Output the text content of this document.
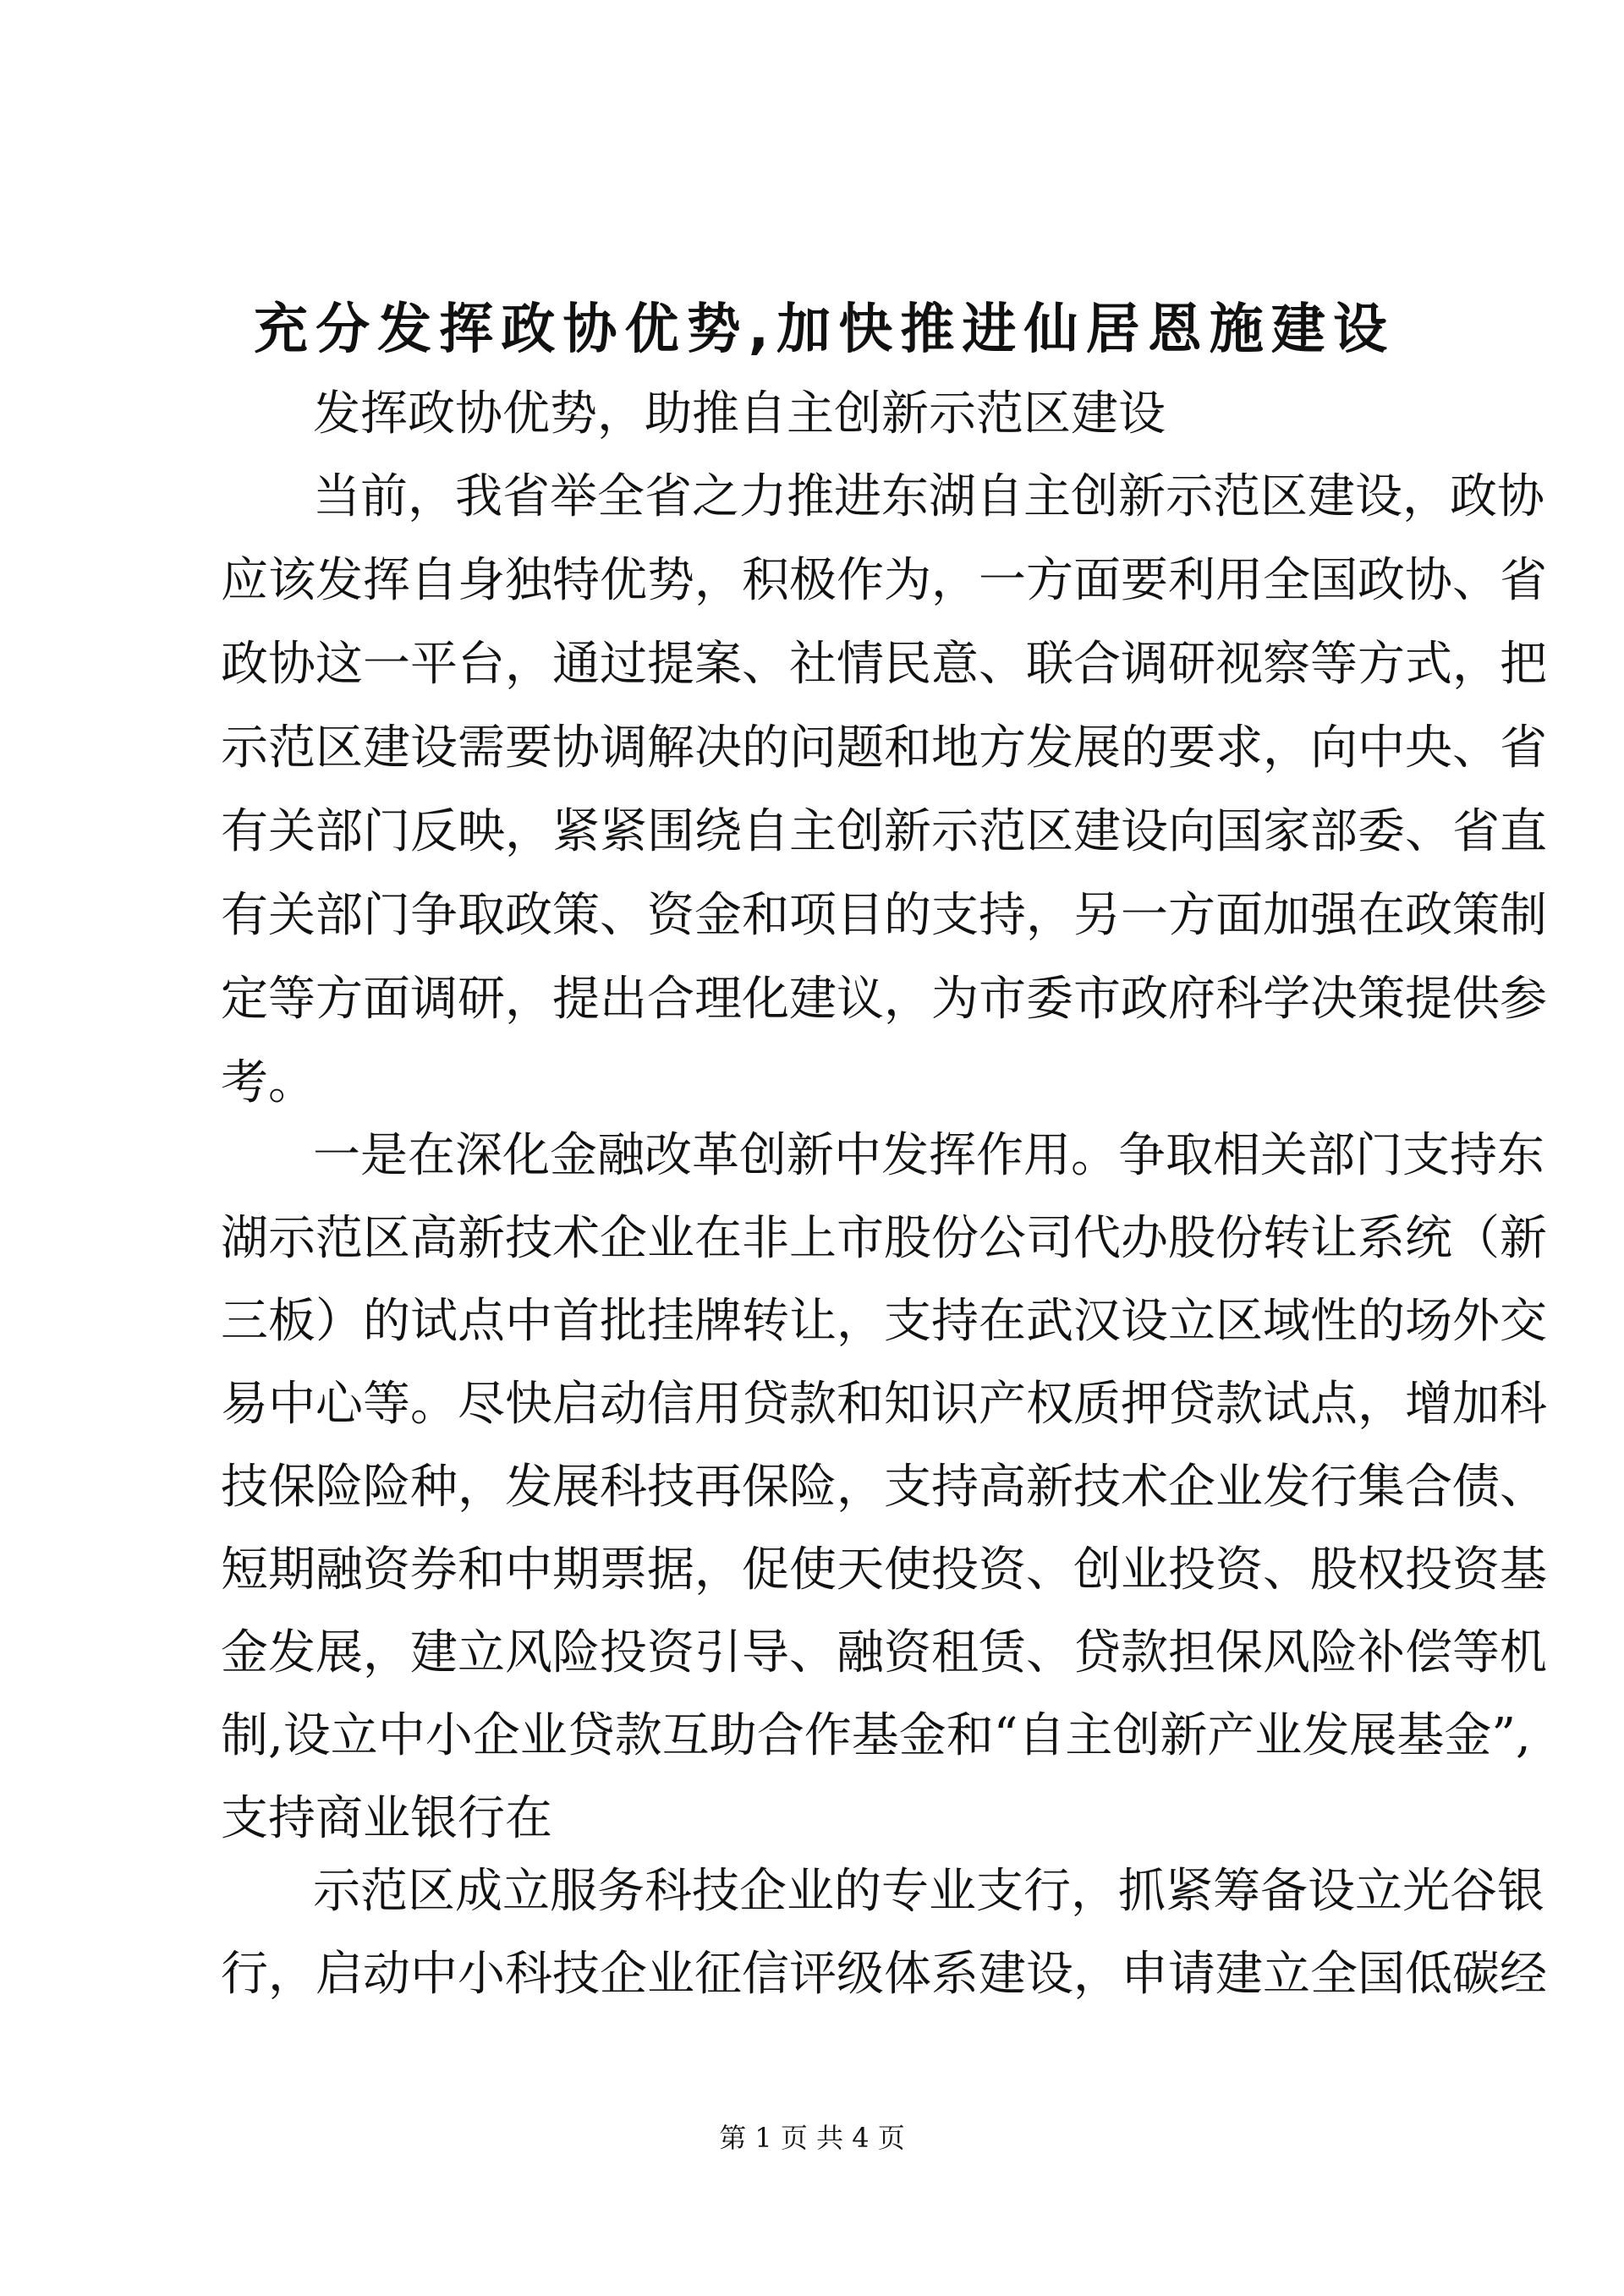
充分发挥政协优势,加快推进仙居恩施建设
发挥政协优势，助推自主创新示范区建设
当前，我省举全省之力推进东湖自主创新示范区建设，政协
应该发挥自身独特优势，积极作为，一方面要利用全国政协、省
政协这一平台，通过提案、社情民意、联合调研视察等方式，把
示范区建设需要协调解决的问题和地方发展的要求，向中央、省
有关部门反映，紧紧围绕自主创新示范区建设向国家部委、省直
有关部门争取政策、资金和项目的支持，另一方面加强在政策制
定等方面调研，提出合理化建议，为市委市政府科学决策提供参
考。
一是在深化金融改革创新中发挥作用。争取相关部门支持东
湖示范区高新技术企业在非上市股份公司代办股份转让系统（新
三板）的试点中首批挂牌转让，支持在武汉设立区域性的场外交
易中心等。尽快启动信用贷款和知识产权质押贷款试点，增加科
技保险险种，发展科技再保险，支持高新技术企业发行集合债、
短期融资券和中期票据，促使天使投资、创业投资、股权投资基
金发展，建立风险投资引导、融资租赁、贷款担保风险补偿等机
制,设立中小企业贷款互助合作基金和“自主创新产业发展基金”,
支持商业银行在
示范区成立服务科技企业的专业支行，抓紧筹备设立光谷银
行，启动中小科技企业征信评级体系建设，申请建立全国低碳经
第 1 页 共 4 页
